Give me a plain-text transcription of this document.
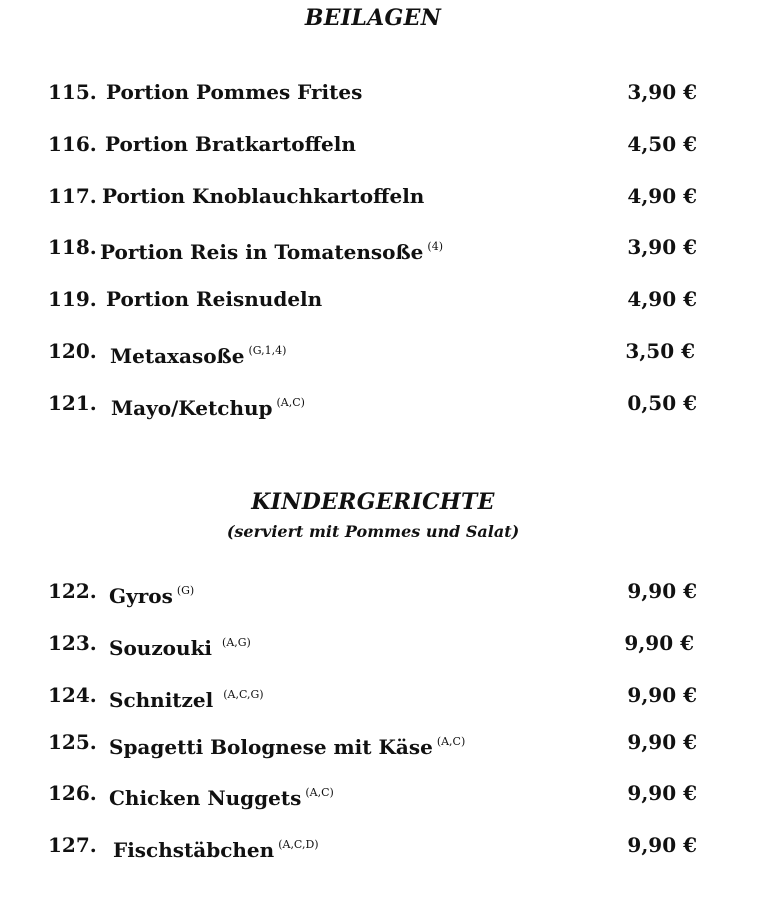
BEILAGEN
115. Portion Pommes Frites	3,90 €
116. Portion Bratkartoffeln	4,50 €
117. Portion Knoblauchkartoffeln	4,90 €
118. Portion Reis in Tomatensoße $^{(4)}$	3,90 €
119. Portion Reisnudeln	4,90 €
120. Metaxasoße $^{(G,1,4)}$	3,50 €
121. Mayo/Ketchup $^{(A,C)}$	0,50 €
KINDERGERICHTE

(serviert mit Pommes und Salat)

122. Gyros $^{(G)}$	9,90 €
123. Souzouki $^{(A,G)}$	9,90 €
124. Schnitzel $^{(A,C,G)}$	9,90 €
125. Spagetti Bolognese mit Käse $^{(A,C)}$	9,90 €
126. Chicken Nuggets $^{(A,C)}$	9,90 €
127. Fischstäbchen $^{(A,C,D)}$	9,90 €
